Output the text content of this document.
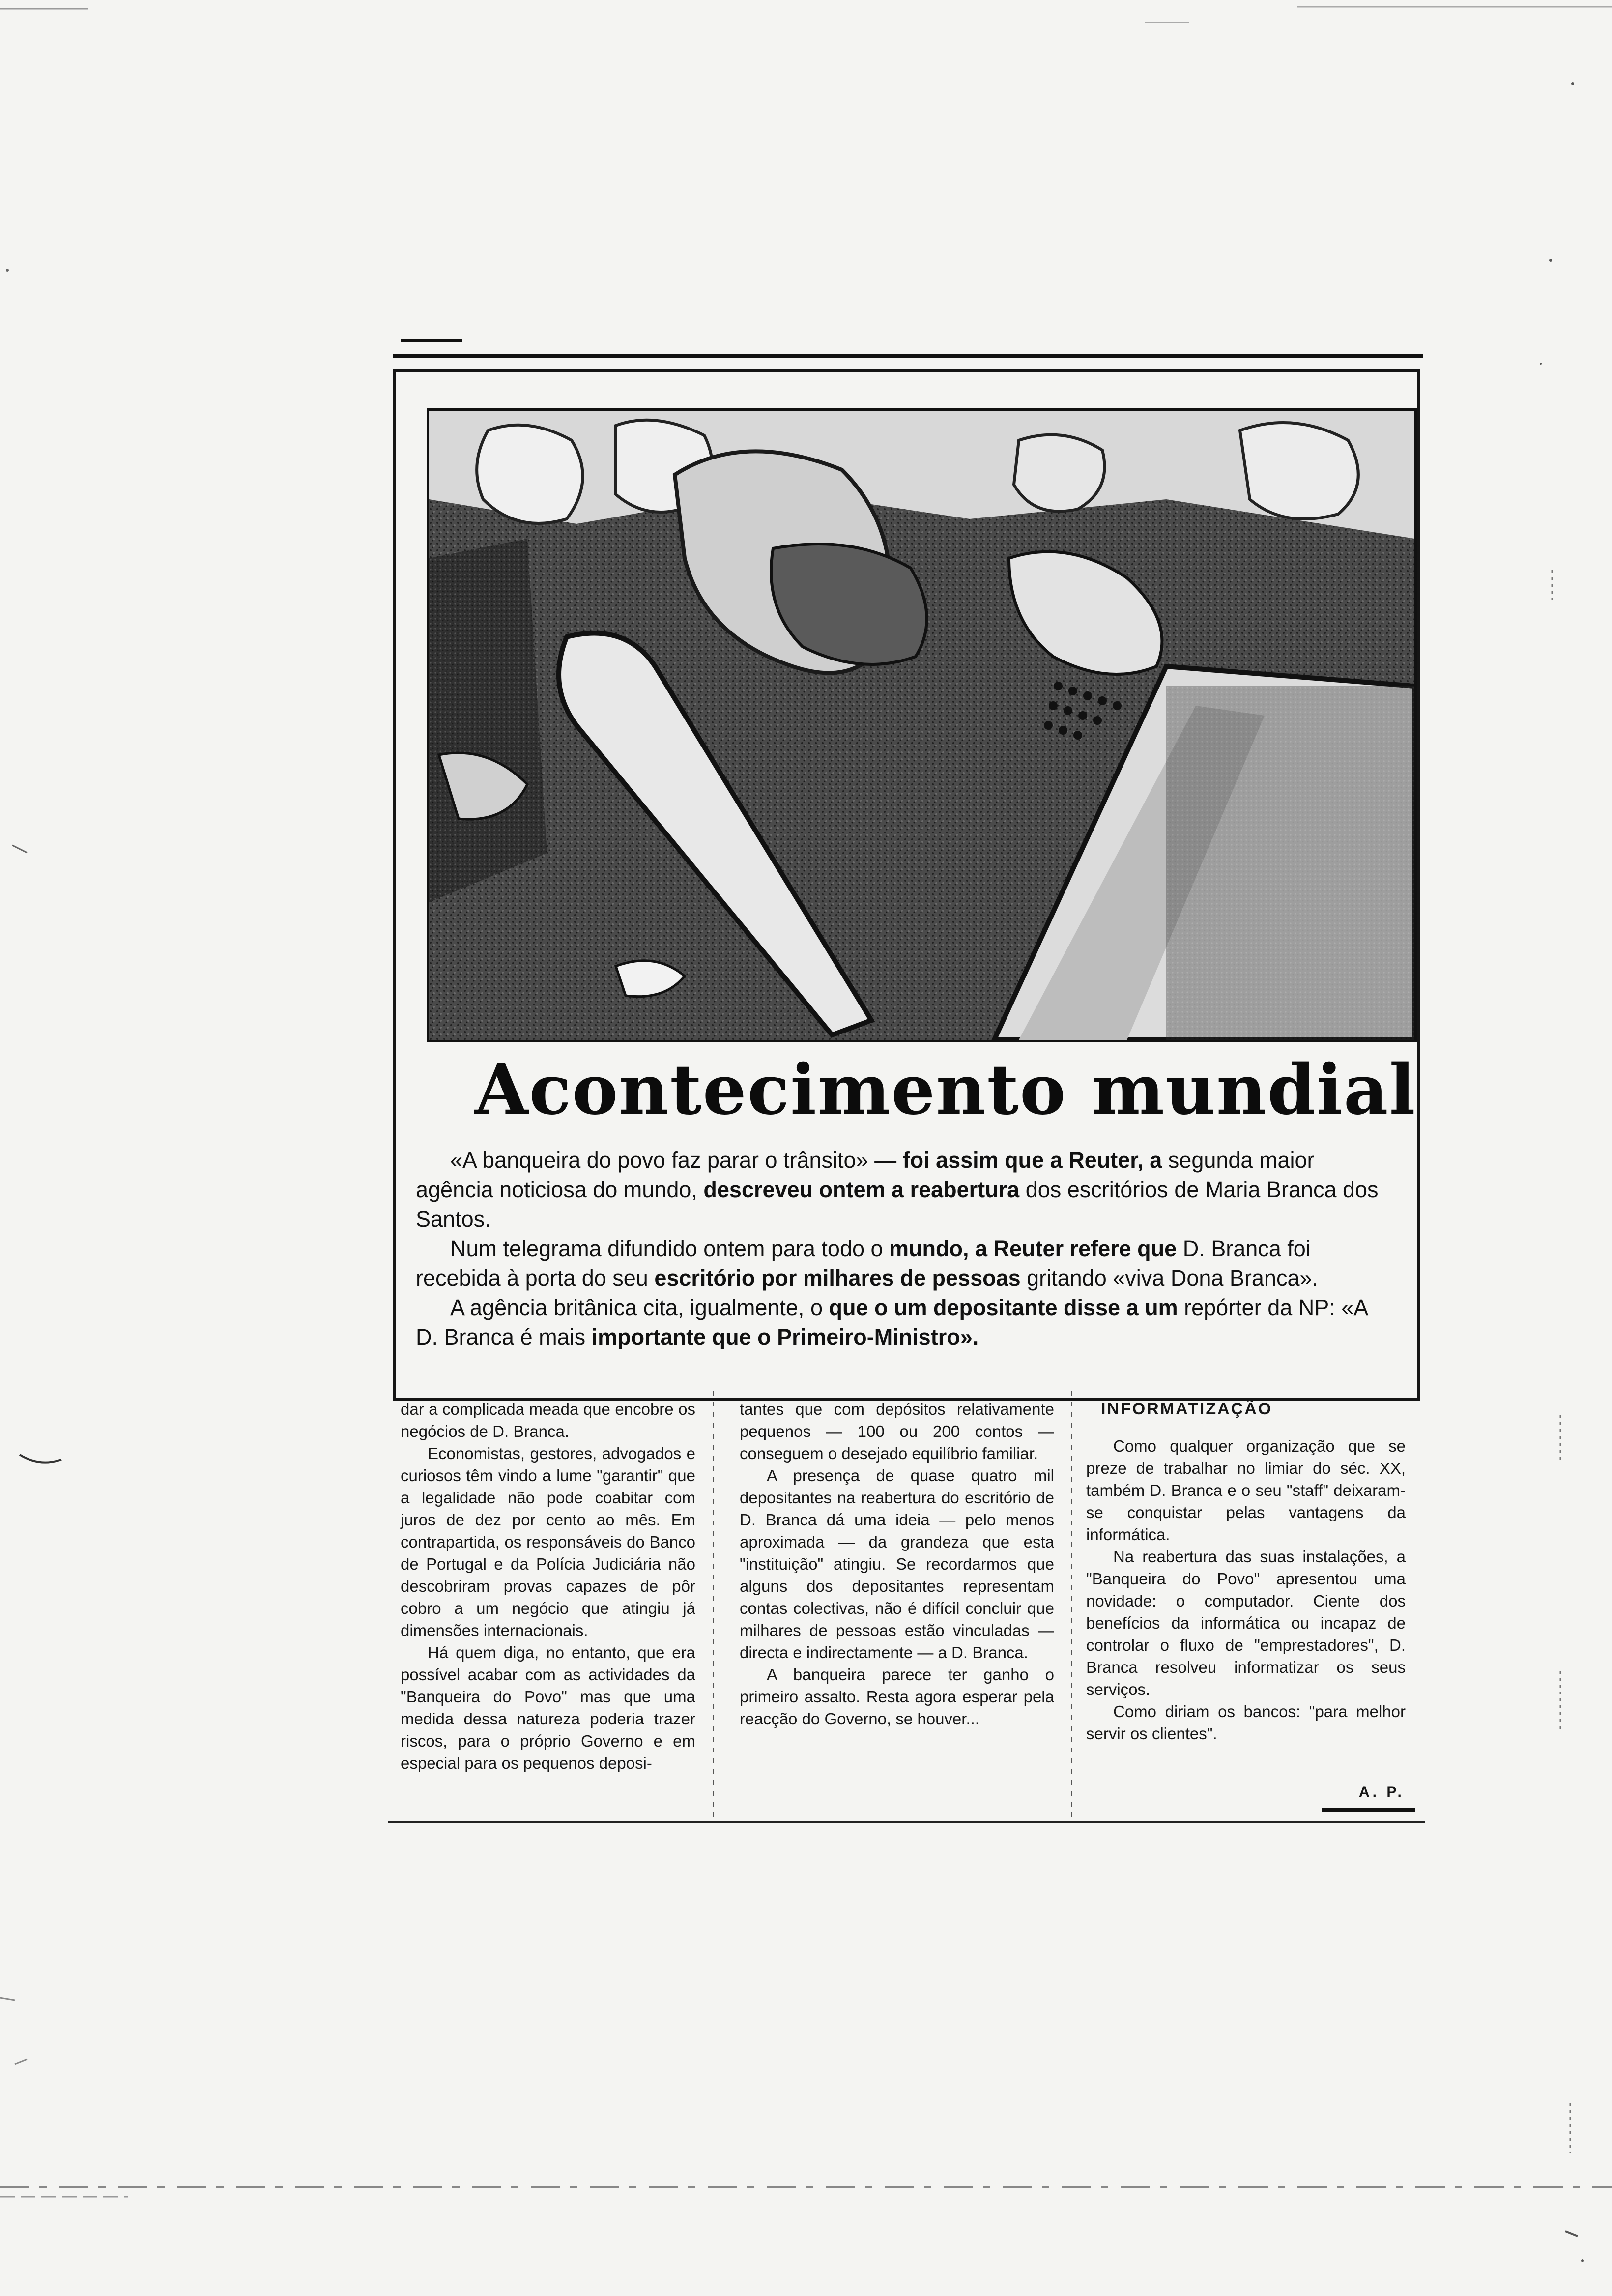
Acontecimento mundial

«A banqueira do povo faz parar o trânsito» — foi assim que a Reuter, a segunda maior agência noticiosa do mundo, descreveu ontem a reabertura dos escritórios de Maria Branca dos Santos.

Num telegrama difundido ontem para todo o mundo, a Reuter refere que D. Branca foi recebida à porta do seu escritório por milhares de pessoas gritando «viva Dona Branca».

A agência britânica cita, igualmente, o que o um depositante disse a um repórter da NP: «A D. Branca é mais importante que o Primeiro-Ministro».

dar a complicada meada que encobre os negócios de D. Branca.

Economistas, gestores, advogados e curiosos têm vindo a lume "garantir" que a legalidade não pode coabitar com juros de dez por cento ao mês. Em contrapartida, os responsáveis do Banco de Portugal e da Polícia Judiciária não descobriram provas capazes de pôr cobro a um negócio que atingiu já dimensões internacionais.

Há quem diga, no entanto, que era possível acabar com as actividades da "Banqueira do Povo" mas que uma medida dessa natureza poderia trazer riscos, para o próprio Governo e em especial para os pequenos deposi-

tantes que com depósitos relativamente pequenos — 100 ou 200 contos — conseguem o desejado equilíbrio familiar.

A presença de quase quatro mil depositantes na reabertura do escritório de D. Branca dá uma ideia — pelo menos aproximada — da grandeza que esta "instituição" atingiu. Se recordarmos que alguns dos depositantes representam contas colectivas, não é difícil concluir que milhares de pessoas estão vinculadas — directa e indirectamente — a D. Branca.

A banqueira parece ter ganho o primeiro assalto. Resta agora esperar pela reacção do Governo, se houver...

INFORMATIZAÇÃO

Como qualquer organização que se preze de trabalhar no limiar do séc. XX, também D. Branca e o seu "staff" deixaram-se conquistar pelas vantagens da informática.

Na reabertura das suas instalações, a "Banqueira do Povo" apresentou uma novidade: o computador. Ciente dos benefícios da informática ou incapaz de controlar o fluxo de "emprestadores", D. Branca resolveu informatizar os seus serviços.

Como diriam os bancos: "para melhor servir os clientes".

A. P.
